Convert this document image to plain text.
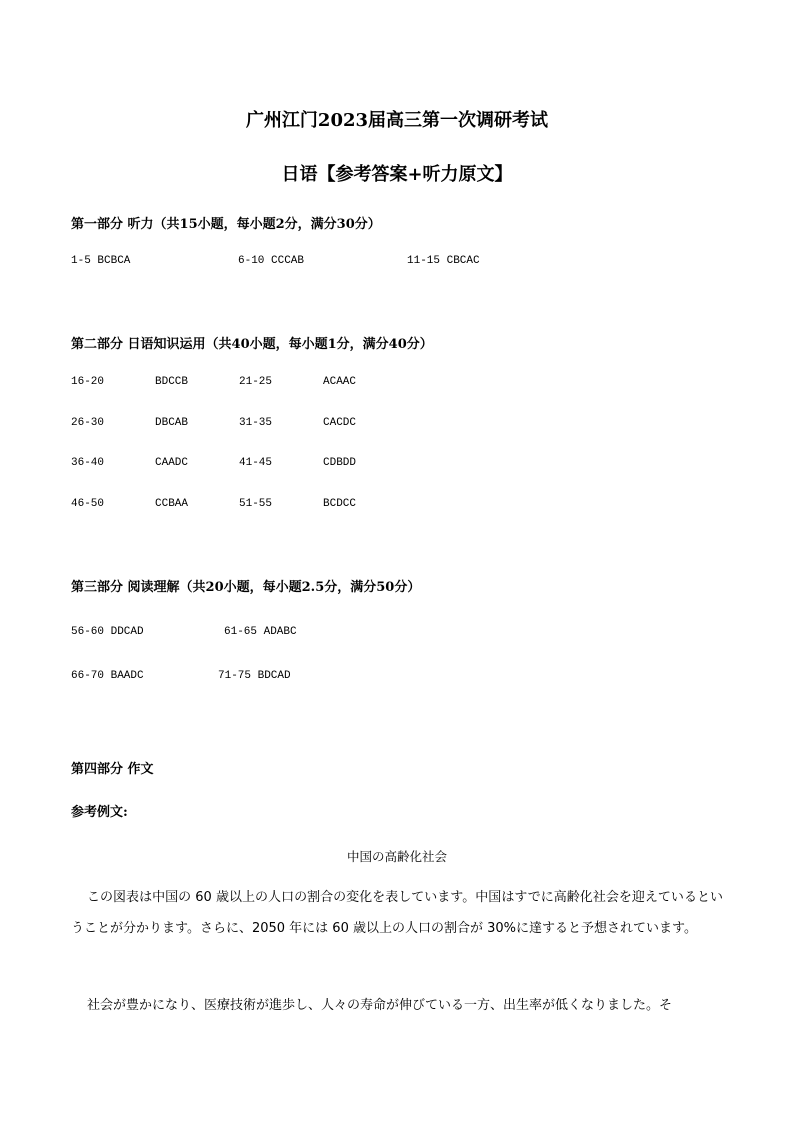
广州江门2023届高三第一次调研考试
日语【参考答案+听力原文】
第一部分 听力（共15小题，每小题2分，满分30分）
1-5 BCBCA	6-10 CCCAB	11-15 CBCAC
第二部分 日语知识运用（共40小题，每小题1分，满分40分）
16-20	BDCCB	21-25	ACAAC
26-30	DBCAB	31-35	CACDC
36-40	CAADC	41-45	CDBDD
46-50	CCBAA	51-55	BCDCC
第三部分 阅读理解（共20小题，每小题2.5分，满分50分）
56-60 DDCAD	61-65 ADABC
66-70 BAADC	71-75 BDCAD
第四部分 作文
参考例文:
中国の高齢化社会
この図表は中国の 60 歳以上の人口の割合の変化を表しています。中国はすでに高齢化社会を迎えているということが分かります。さらに、2050 年には 60 歳以上の人口の割合が 30%に達すると予想されています。
社会が豊かになり、医療技術が進歩し、人々の寿命が伸びている一方、出生率が低くなりました。そ
